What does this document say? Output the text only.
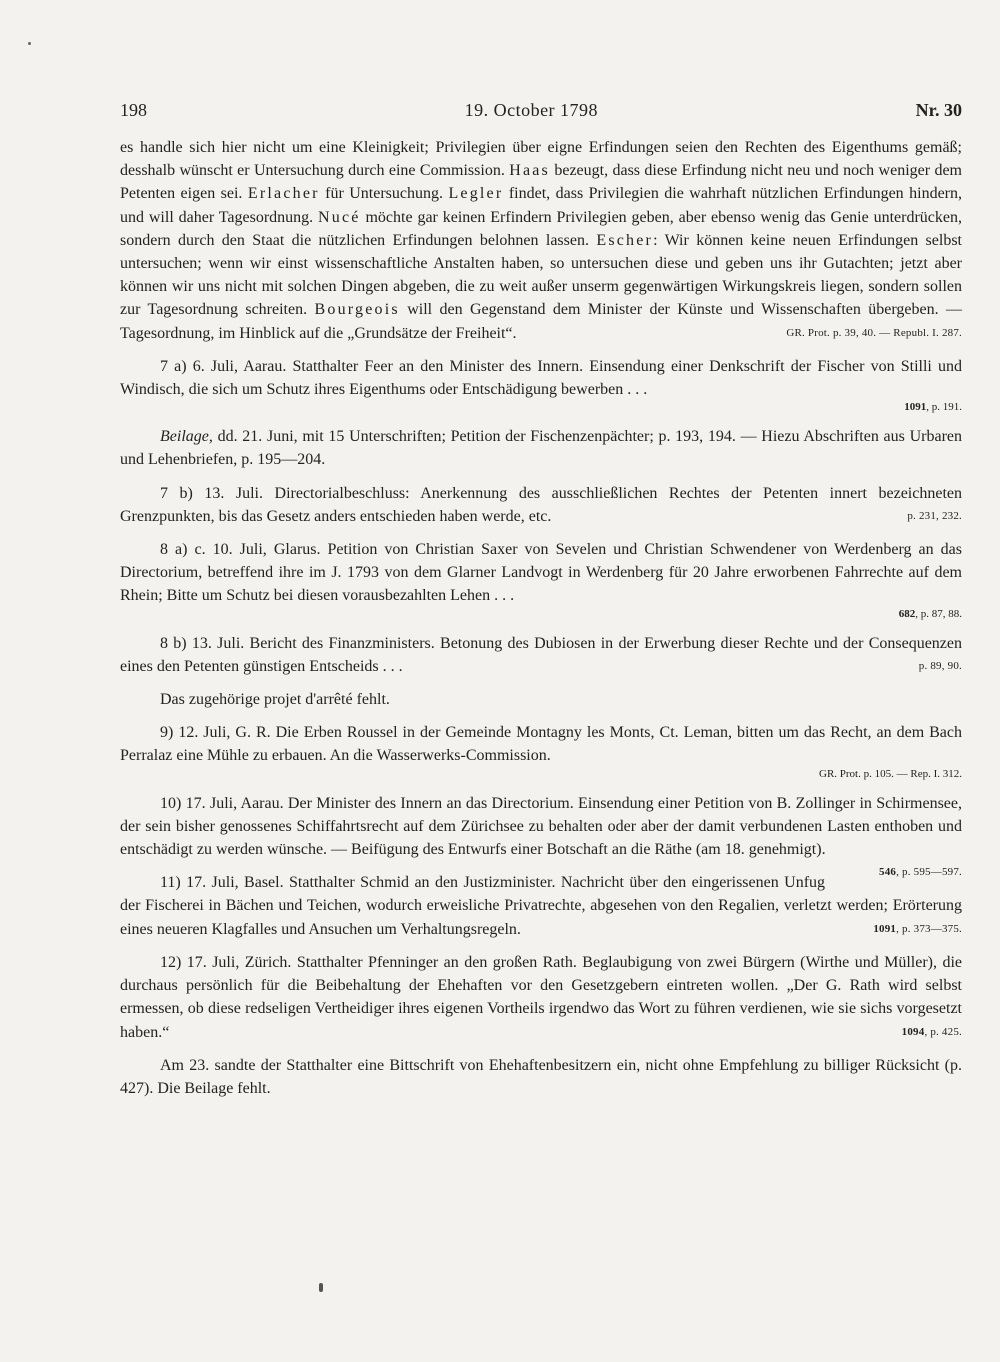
198	19. October 1798	Nr. 30

es handle sich hier nicht um eine Kleinigkeit; Privilegien über eigne Erfindungen seien den Rechten des Eigenthums gemäß; desshalb wünscht er Untersuchung durch eine Commission. Haas bezeugt, dass diese Erfindung nicht neu und noch weniger dem Petenten eigen sei. Erlacher für Untersuchung. Legler findet, dass Privilegien die wahrhaft nützlichen Erfindungen hindern, und will daher Tagesordnung. Nucé möchte gar keinen Erfindern Privilegien geben, aber ebenso wenig das Genie unterdrücken, sondern durch den Staat die nützlichen Erfindungen belohnen lassen. Escher: Wir können keine neuen Erfindungen selbst untersuchen; wenn wir einst wissenschaftliche Anstalten haben, so untersuchen diese und geben uns ihr Gutachten; jetzt aber können wir uns nicht mit solchen Dingen abgeben, die zu weit außer unserm gegenwärtigen Wirkungskreis liegen, sondern sollen zur Tagesordnung schreiten. Bourgeois will den Gegenstand dem Minister der Künste und Wissenschaften übergeben. — Tagesordnung, im Hinblick auf die „Grundsätze der Freiheit“.	GR. Prot. p. 39, 40. — Republ. I. 287.

7 a) 6. Juli, Aarau. Statthalter Feer an den Minister des Innern. Einsendung einer Denkschrift der Fischer von Stilli und Windisch, die sich um Schutz ihres Eigenthums oder Entschädigung bewerben . . .
1091, p. 191.

Beilage, dd. 21. Juni, mit 15 Unterschriften; Petition der Fischenzenpächter; p. 193, 194. — Hiezu Abschriften aus Urbaren und Lehenbriefen, p. 195—204.

7 b) 13. Juli. Directorialbeschluss: Anerkennung des ausschließlichen Rechtes der Petenten innert bezeichneten Grenzpunkten, bis das Gesetz anders entschieden haben werde, etc.	p. 231, 232.

8 a) c. 10. Juli, Glarus. Petition von Christian Saxer von Sevelen und Christian Schwendener von Werdenberg an das Directorium, betreffend ihre im J. 1793 von dem Glarner Landvogt in Werdenberg für 20 Jahre erworbenen Fahrrechte auf dem Rhein; Bitte um Schutz bei diesen vorausbezahlten Lehen . . .
682, p. 87, 88.

8 b) 13. Juli. Bericht des Finanzministers. Betonung des Dubiosen in der Erwerbung dieser Rechte und der Consequenzen eines den Petenten günstigen Entscheids . . .	p. 89, 90.

Das zugehörige projet d'arrêté fehlt.

9) 12. Juli, G. R. Die Erben Roussel in der Gemeinde Montagny les Monts, Ct. Leman, bitten um das Recht, an dem Bach Perralaz eine Mühle zu erbauen. An die Wasserwerks-Commission.
GR. Prot. p. 105. — Rep. I. 312.

10) 17. Juli, Aarau. Der Minister des Innern an das Directorium. Einsendung einer Petition von B. Zollinger in Schirmensee, der sein bisher genossenes Schiffahrtsrecht auf dem Zürichsee zu behalten oder aber der damit verbundenen Lasten enthoben und entschädigt zu werden wünsche. — Beifügung des Entwurfs einer Botschaft an die Räthe (am 18. genehmigt).
546, p. 595—597.

11) 17. Juli, Basel. Statthalter Schmid an den Justizminister. Nachricht über den eingerissenen Unfug der Fischerei in Bächen und Teichen, wodurch erweisliche Privatrechte, abgesehen von den Regalien, verletzt werden; Erörterung eines neueren Klagfalles und Ansuchen um Verhaltungsregeln.	1091, p. 373—375.

12) 17. Juli, Zürich. Statthalter Pfenninger an den großen Rath. Beglaubigung von zwei Bürgern (Wirthe und Müller), die durchaus persönlich für die Beibehaltung der Ehehaften vor den Gesetzgebern eintreten wollen. „Der G. Rath wird selbst ermessen, ob diese redseligen Vertheidiger ihres eigenen Vortheils irgendwo das Wort zu führen verdienen, wie sie sichs vorgesetzt haben.“	1094, p. 425.

Am 23. sandte der Statthalter eine Bittschrift von Ehehaftenbesitzern ein, nicht ohne Empfehlung zu billiger Rücksicht (p. 427). Die Beilage fehlt.
